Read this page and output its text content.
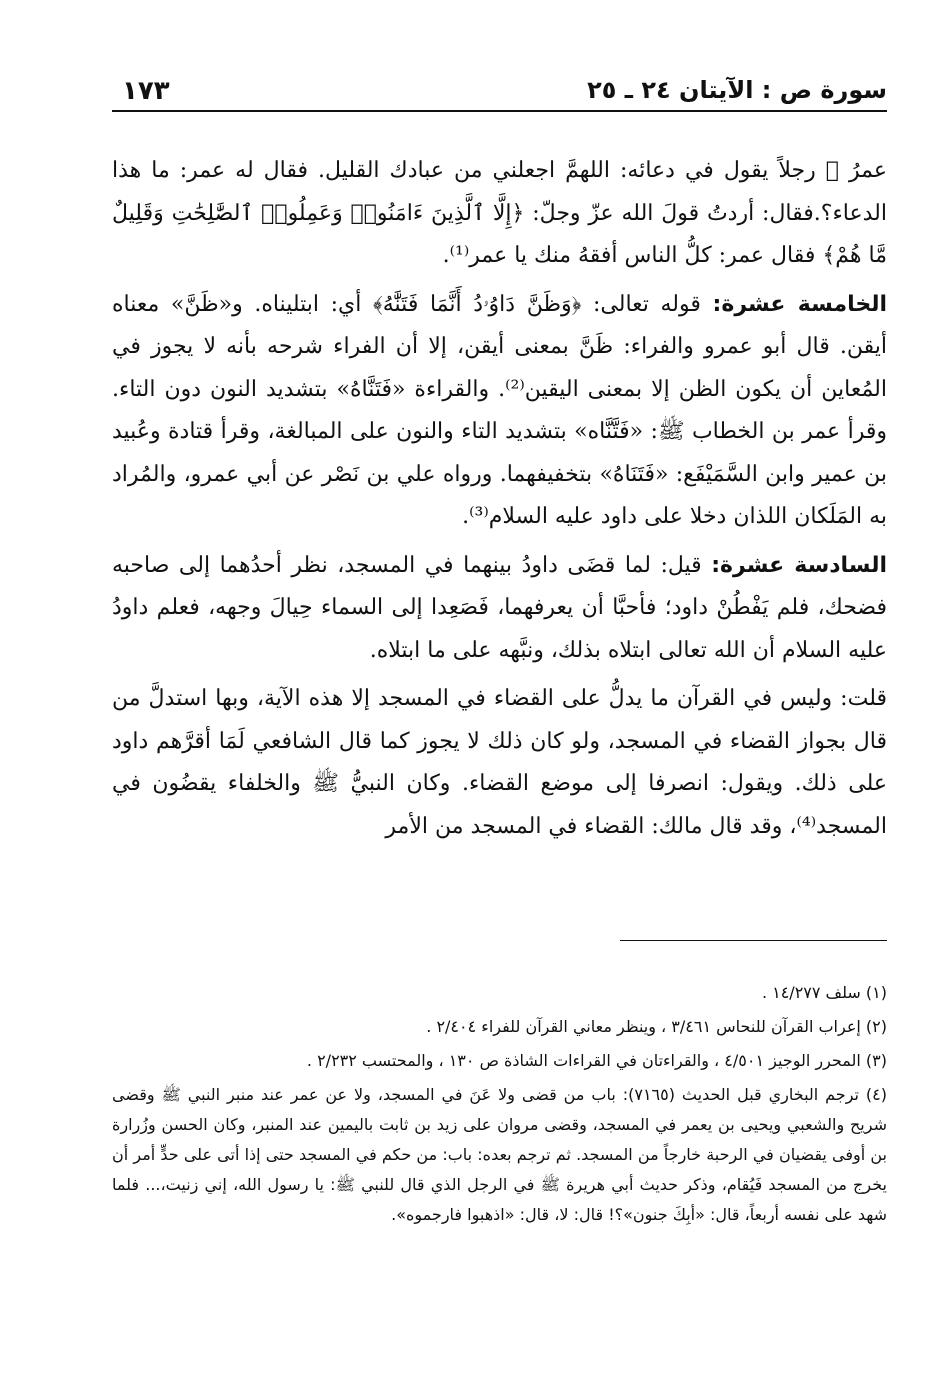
سورة ص : الآيتان ٢٤ ـ ٢٥
١٧٣

عمرُ ﷺ رجلاً يقول في دعائه: اللهمَّ اجعلني من عبادك القليل. فقال له عمر: ما هذا الدعاء؟.فقال: أردتُ قولَ الله عزّ وجلّ: ﴿إِلَّا ٱلَّذِينَ ءَامَنُوا۟ وَعَمِلُوا۟ ٱلصَّٰلِحَٰتِ وَقَلِيلٌ مَّا هُمْ﴾ فقال عمر: كلُّ الناس أفقهُ منك يا عمر⁽¹⁾.

الخامسة عشرة: قوله تعالى: ﴿وَظَنَّ دَاوُۥدُ أَنَّمَا فَتَنَّٰهُ﴾ أي: ابتليناه. و«ظَنَّ» معناه أيقن. قال أبو عمرو والفراء: ظَنَّ بمعنى أيقن، إلا أن الفراء شرحه بأنه لا يجوز في المُعاين أن يكون الظن إلا بمعنى اليقين⁽²⁾. والقراءة «فَتَنَّاهُ» بتشديد النون دون التاء. وقرأ عمر بن الخطاب ﷺ: «فَتَّنَّاه» بتشديد التاء والنون على المبالغة، وقرأ قتادة وعُبيد بن عمير وابن السَّمَيْفَع: «فَتَنَاهُ» بتخفيفهما. ورواه علي بن نَصْر عن أبي عمرو، والمُراد به المَلَكان اللذان دخلا على داود عليه السلام⁽³⁾.

السادسة عشرة: قيل: لما قضَى داودُ بينهما في المسجد، نظر أحدُهما إلى صاحبه فضحك، فلم يَفْطُنْ داود؛ فأحبَّا أن يعرفهما، فَصَعِدا إلى السماء حِيالَ وجهه، فعلم داودُ عليه السلام أن الله تعالى ابتلاه بذلك، ونبَّهه على ما ابتلاه.

قلت: وليس في القرآن ما يدلُّ على القضاء في المسجد إلا هذه الآية، وبها استدلَّ من قال بجواز القضاء في المسجد، ولو كان ذلك لا يجوز كما قال الشافعي لَمَا أقرَّهم داود على ذلك. ويقول: انصرفا إلى موضع القضاء. وكان النبيُّ ﷺ والخلفاء يقضُون في المسجد⁽⁴⁾، وقد قال مالك: القضاء في المسجد من الأمر

(١) سلف ١٤/٢٧٧ .

(٢) إعراب القرآن للنحاس ٣/٤٦١ ، وينظر معاني القرآن للفراء ٢/٤٠٤ .

(٣) المحرر الوجيز ٤/٥٠١ ، والقراءتان في القراءات الشاذة ص ١٣٠ ، والمحتسب ٢/٢٣٢ .

(٤) ترجم البخاري قبل الحديث (٧١٦٥): باب من قضى ولا عَنَ في المسجد، ولا عن عمر عند منبر النبي ﷺ وقضى شريح والشعبي ويحيى بن يعمر في المسجد، وقضى مروان على زيد بن ثابت باليمين عند المنبر، وكان الحسن وزُرارة بن أوفى يقضيان في الرحبة خارجاً من المسجد. ثم ترجم بعده: باب: من حكم في المسجد حتى إذا أتى على حدٍّ أمر أن يخرج من المسجد فَيُقام، وذكر حديث أبي هريرة ﷺ في الرجل الذي قال للنبي ﷺ: يا رسول الله، إني زنيت،... فلما شهد على نفسه أربعاً، قال: «أبِكَ جنون»؟! قال: لا، قال: «اذهبوا فارجموه».
